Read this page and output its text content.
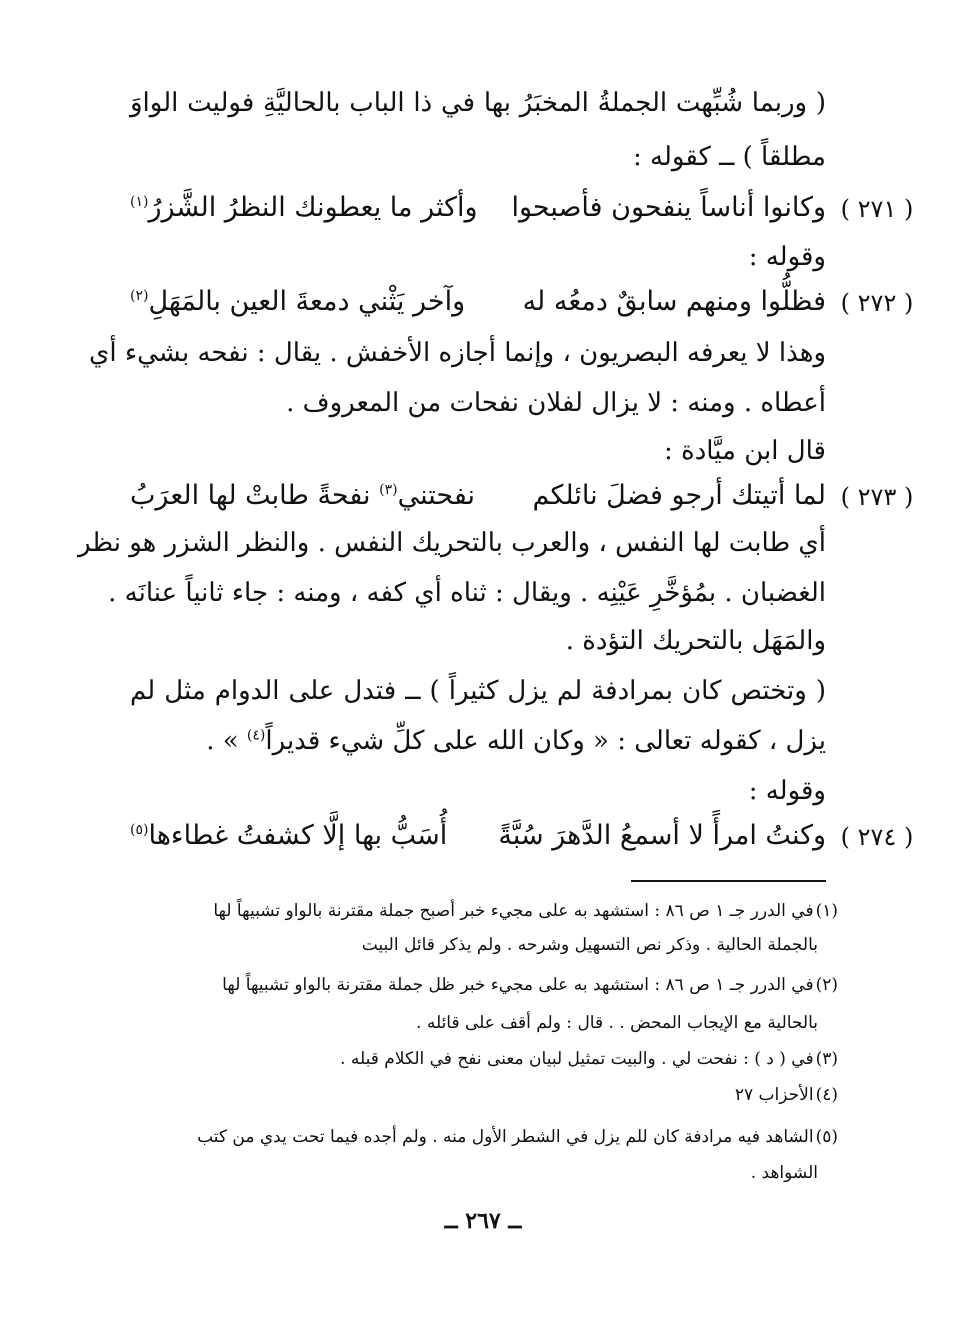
( وربما شُبِّهت الجملةُ المخبَرُ بها في ذا الباب بالحاليَّةِ فوليت الواوَ
مطلقاً ) ــ كقوله :
( ٢٧١ )
وكانوا أناساً ينفحون فأصبحوا
وأكثر ما يعطونك النظرُ الشَّزرُ$^{(١)}$
وقوله :
( ٢٧٢ )
فظلُّوا ومنهم سابقٌ دمعُه له
وآخر يَثْني دمعةَ العين بالمَهَلِ$^{(٢)}$
وهذا لا يعرفه البصريون ، وإنما أجازه الأخفش . يقال : نفحه بشيء أي
أعطاه . ومنه : لا يزال لفلان نفحات من المعروف .
قال ابن ميَّادة :
( ٢٧٣ )
لما أتيتك أرجو فضلَ نائلكم
نفحتني$^{(٣)}$ نفحةً طابتْ لها العرَبُ
أي طابت لها النفس ، والعرب بالتحريك النفس . والنظر الشزر هو نظر
الغضبان . بمُؤخَّرِ عَيْنِه . ويقال : ثناه أي كفه ، ومنه : جاء ثانياً عنانَه .
والمَهَل بالتحريك التؤدة .
( وتختص كان بمرادفة لم يزل كثيراً ) ــ فتدل على الدوام مثل لم
يزل ، كقوله تعالى : « وكان الله على كلِّ شيء قديراً$^{(٤)}$ » .
وقوله :
( ٢٧٤ )
وكنتُ امرأً لا أسمعُ الدَّهرَ سُبَّةً
أُسَبُّ بها إلَّا كشفتُ غطاءها$^{(٥)}$
(١)في الدرر جـ ١ ص ٨٦ : استشهد به على مجيء خبر أصبح جملة مقترنة بالواو تشبيهاً لها
بالجملة الحالية . وذكر نص التسهيل وشرحه . ولم يذكر قائل البيت
(٢)في الدرر جـ ١ ص ٨٦ : استشهد به على مجيء خبر ظل جملة مقترنة بالواو تشبيهاً لها
بالحالية مع الإيجاب المحض . . قال : ولم أقف على قائله .
(٣)في ( د ) : نفحت لي . والبيت تمثيل لبيان معنى نفح في الكلام قبله .
(٤)الأحزاب ٢٧
(٥)الشاهد فيه مرادفة كان للم يزل في الشطر الأول منه . ولم أجده فيما تحت يدي من كتب
الشواهد .
ــ ٢٦٧ ــ
